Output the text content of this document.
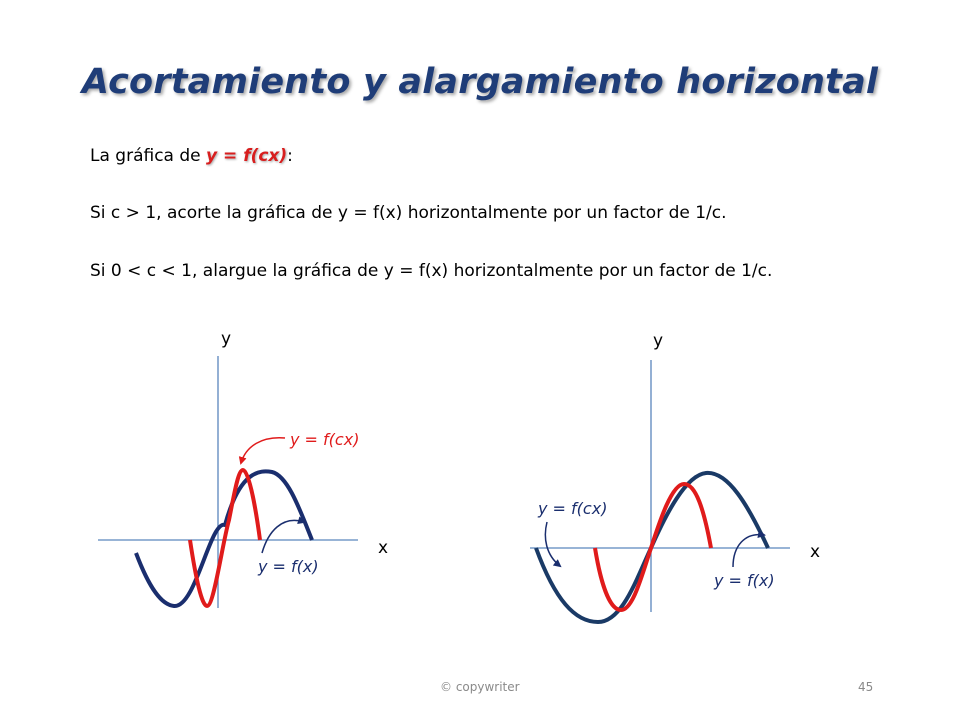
Acortamiento y alargamiento horizontal
La gráfica de y = f(cx):
Si c > 1, acorte la gráfica de y = f(x) horizontalmente por un factor de 1/c.
Si 0 < c < 1, alargue la gráfica de y = f(x) horizontalmente por un factor de 1/c.
y
x
y = f(cx)
y = f(x)
y
x
y = f(cx)
y = f(x)
© copywriter	45
